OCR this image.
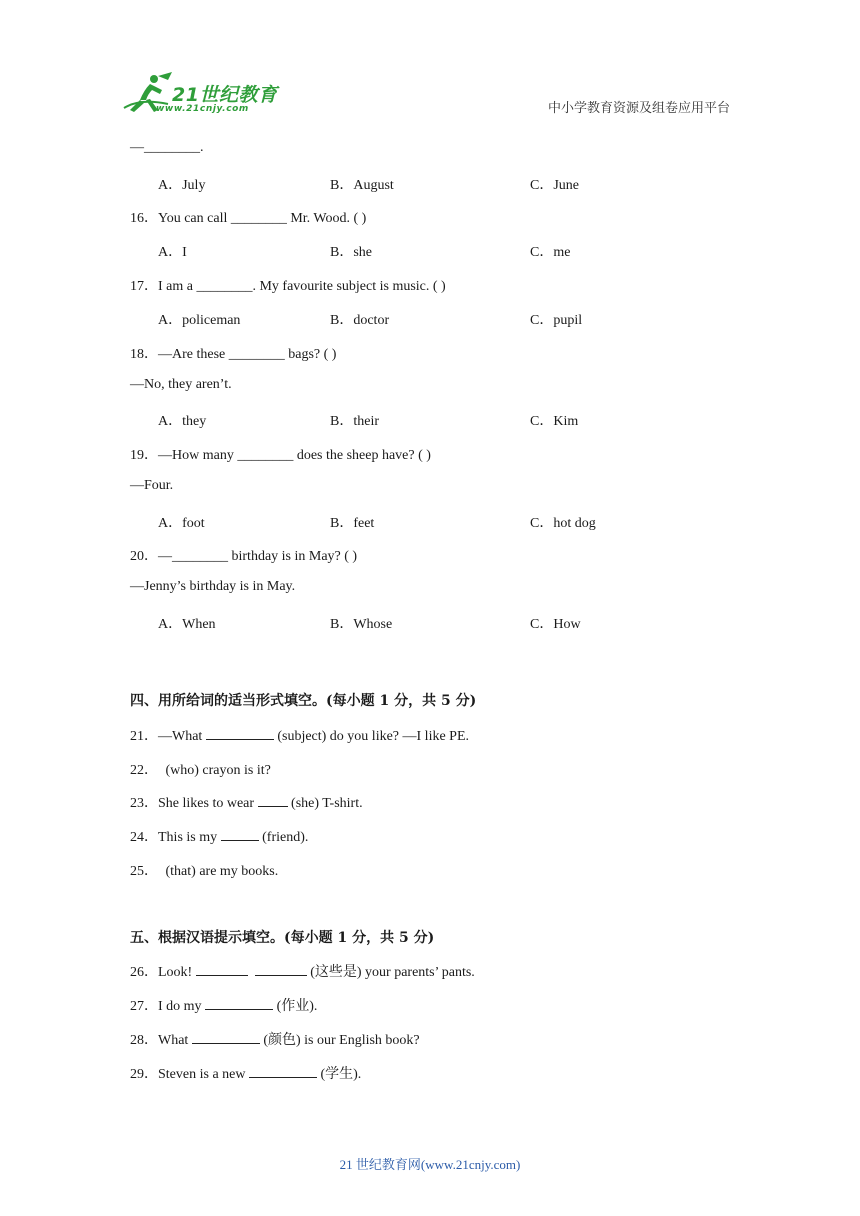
21世纪教育
www.21cnjy.com	中小学教育资源及组卷应用平台
—________.
A．July	B．August	C．June
16．You can call ________ Mr. Wood. ( )
A．I	B．she	C．me
17．I am a ________. My favourite subject is music. ( )
A．policeman	B．doctor	C．pupil
18．—Are these ________ bags? ( )
—No, they aren’t.
A．they	B．their	C．Kim
19．—How many ________ does the sheep have? ( )
—Four.
A．foot	B．feet	C．hot dog
20．—________ birthday is in May? ( )
—Jenny’s birthday is in May.
A．When	B．Whose	C．How
四、用所给词的适当形式填空。(每小题 1 分，共 5 分)
21．—What	(subject) do you like? —I like PE.
22． (who) crayon is it?
23．She likes to wear  (she) T-shirt.
24．This is my	(friend).
25． (that) are my books.
五、根据汉语提示填空。(每小题 1 分，共 5 分)
26．Look!	(这些是) your parents’ pants.
27．I do my	(作业).
28．What	(颜色) is our English book?
29．Steven is a new	(学生).
21 世纪教育网(www.21cnjy.com)
